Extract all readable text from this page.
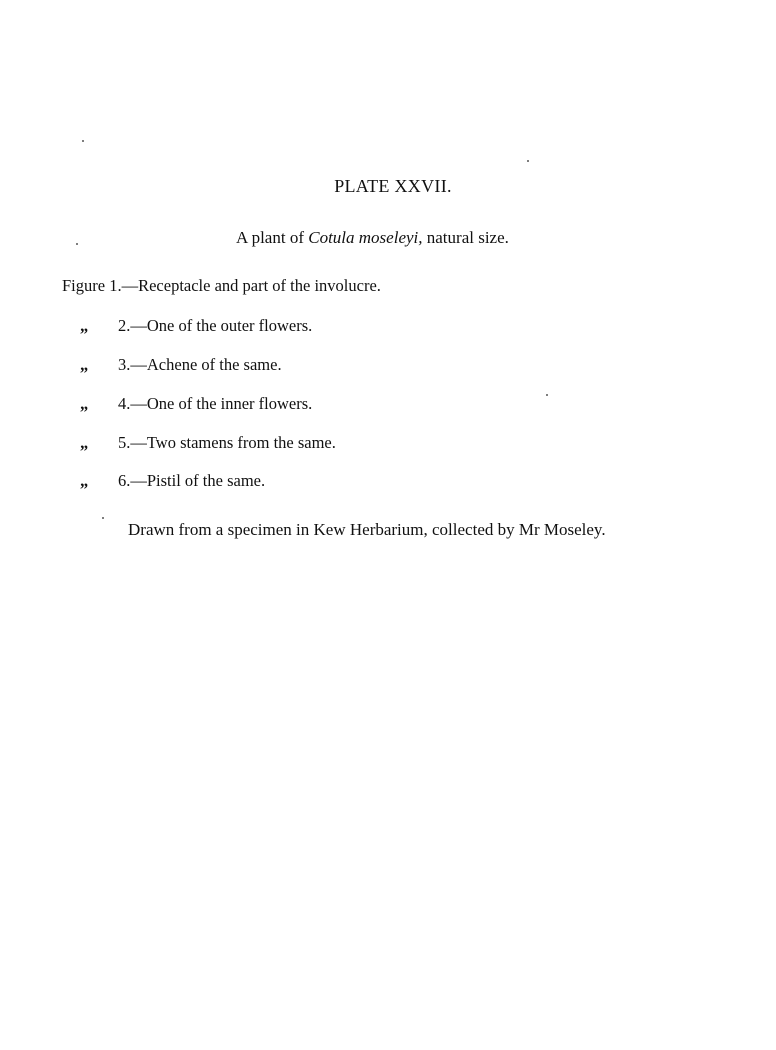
PLATE XXVII.
A plant of Cotula moseleyi, natural size.
Figure 1.—Receptacle and part of the involucre.
„ 2.—One of the outer flowers.
„ 3.—Achene of the same.
„ 4.—One of the inner flowers.
„ 5.—Two stamens from the same.
„ 6.—Pistil of the same.
Drawn from a specimen in Kew Herbarium, collected by Mr Moseley.
